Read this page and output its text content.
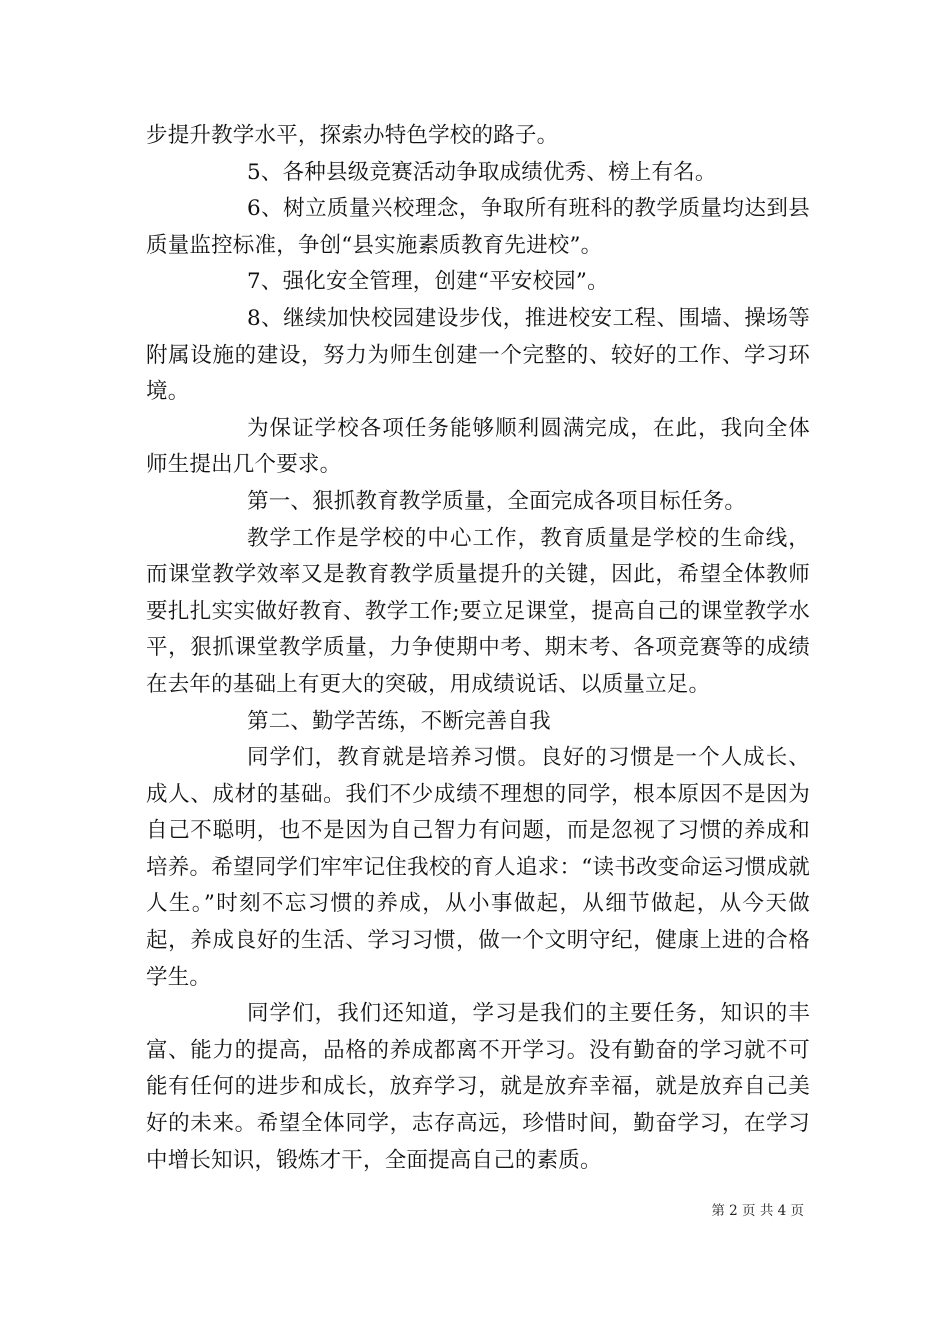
步提升教学水平，探索办特色学校的路子。

5、各种县级竞赛活动争取成绩优秀、榜上有名。

6、树立质量兴校理念，争取所有班科的教学质量均达到县质量监控标准，争创“县实施素质教育先进校”。

7、强化安全管理，创建“平安校园”。

8、继续加快校园建设步伐，推进校安工程、围墙、操场等附属设施的建设，努力为师生创建一个完整的、较好的工作、学习环境。

为保证学校各项任务能够顺利圆满完成，在此，我向全体师生提出几个要求。

第一、狠抓教育教学质量，全面完成各项目标任务。

教学工作是学校的中心工作，教育质量是学校的生命线，而课堂教学效率又是教育教学质量提升的关键，因此，希望全体教师要扎扎实实做好教育、教学工作;要立足课堂，提高自己的课堂教学水平，狠抓课堂教学质量，力争使期中考、期末考、各项竞赛等的成绩在去年的基础上有更大的突破，用成绩说话、以质量立足。

第二、勤学苦练，不断完善自我

同学们，教育就是培养习惯。良好的习惯是一个人成长、成人、成材的基础。我们不少成绩不理想的同学，根本原因不是因为自己不聪明，也不是因为自己智力有问题，而是忽视了习惯的养成和培养。希望同学们牢牢记住我校的育人追求：“读书改变命运习惯成就人生。”时刻不忘习惯的养成，从小事做起，从细节做起，从今天做起，养成良好的生活、学习习惯，做一个文明守纪，健康上进的合格学生。

同学们，我们还知道，学习是我们的主要任务，知识的丰富、能力的提高，品格的养成都离不开学习。没有勤奋的学习就不可能有任何的进步和成长，放弃学习，就是放弃幸福，就是放弃自己美好的未来。希望全体同学，志存高远，珍惜时间，勤奋学习，在学习中增长知识，锻炼才干，全面提高自己的素质。

第 2 页 共 4 页
